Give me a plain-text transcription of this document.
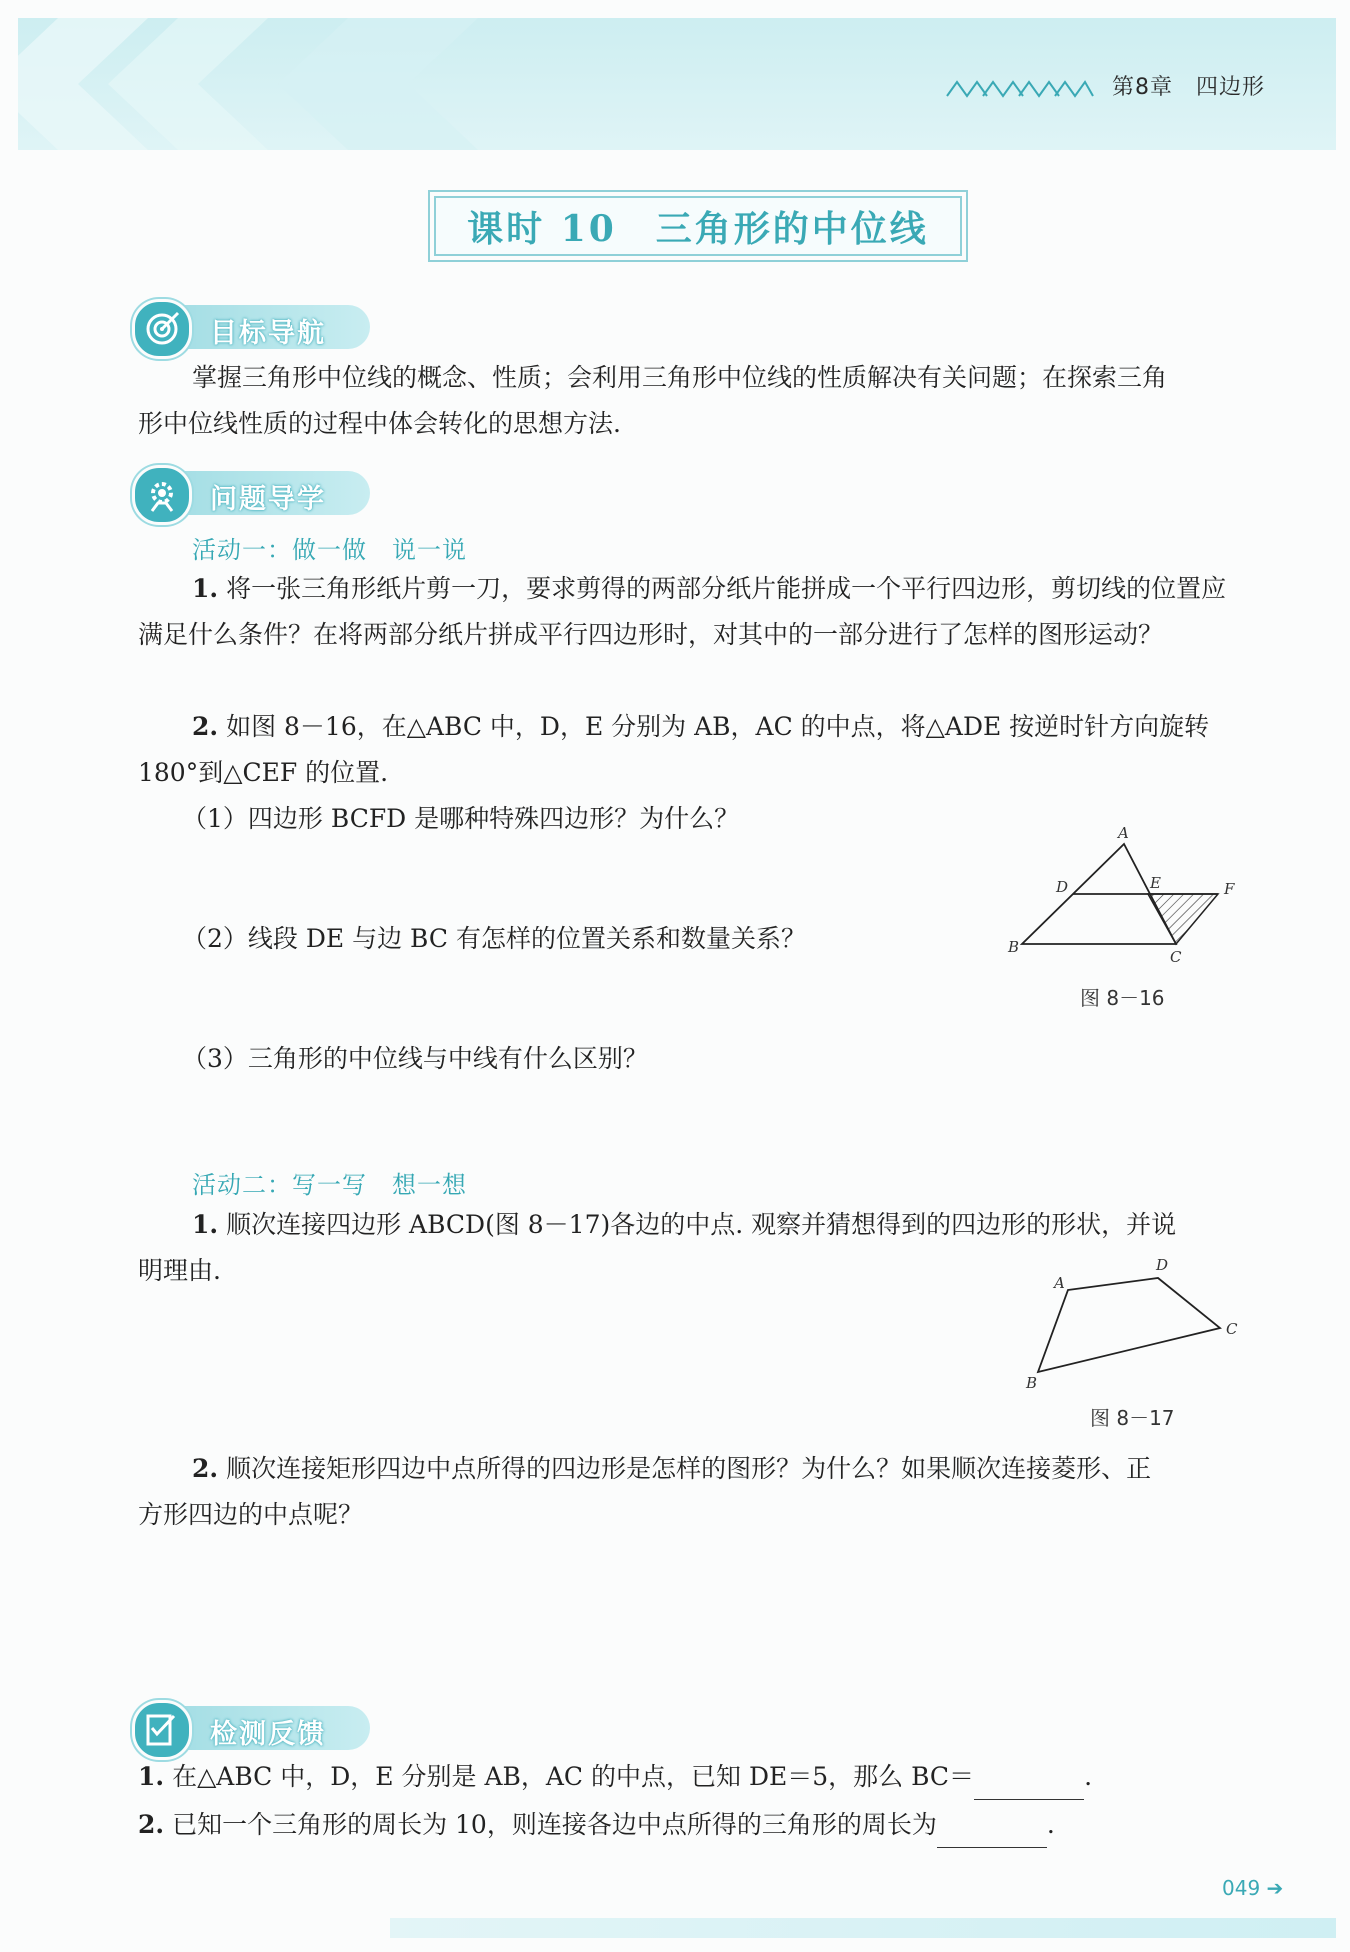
第8章　四边形
课时 10　三角形的中位线
目标导航
掌握三角形中位线的概念、性质；会利用三角形中位线的性质解决有关问题；在探索三角
形中位线性质的过程中体会转化的思想方法.
问题导学
活动一：做一做　说一说
1. 将一张三角形纸片剪一刀，要求剪得的两部分纸片能拼成一个平行四边形，剪切线的位置应
满足什么条件？在将两部分纸片拼成平行四边形时，对其中的一部分进行了怎样的图形运动？
2. 如图 8－16，在△ABC 中，D，E 分别为 AB，AC 的中点，将△ADE 按逆时针方向旋转
180°到△CEF 的位置.
（1）四边形 BCFD 是哪种特殊四边形？为什么？
（2）线段 DE 与边 BC 有怎样的位置关系和数量关系？
（3）三角形的中位线与中线有什么区别？
A
B
C
D	E	F
图 8－16
活动二：写一写　想一想
1. 顺次连接四边形 ABCD(图 8－17)各边的中点. 观察并猜想得到的四边形的形状，并说
明理由.	A
D
C
B
图 8－17
2. 顺次连接矩形四边中点所得的四边形是怎样的图形？为什么？如果顺次连接菱形、正
方形四边的中点呢？
检测反馈
1. 在△ABC 中，D，E 分别是 AB，AC 的中点，已知 DE＝5，那么 BC＝	.
2. 已知一个三角形的周长为 10，则连接各边中点所得的三角形的周长为	.
049 ➔
